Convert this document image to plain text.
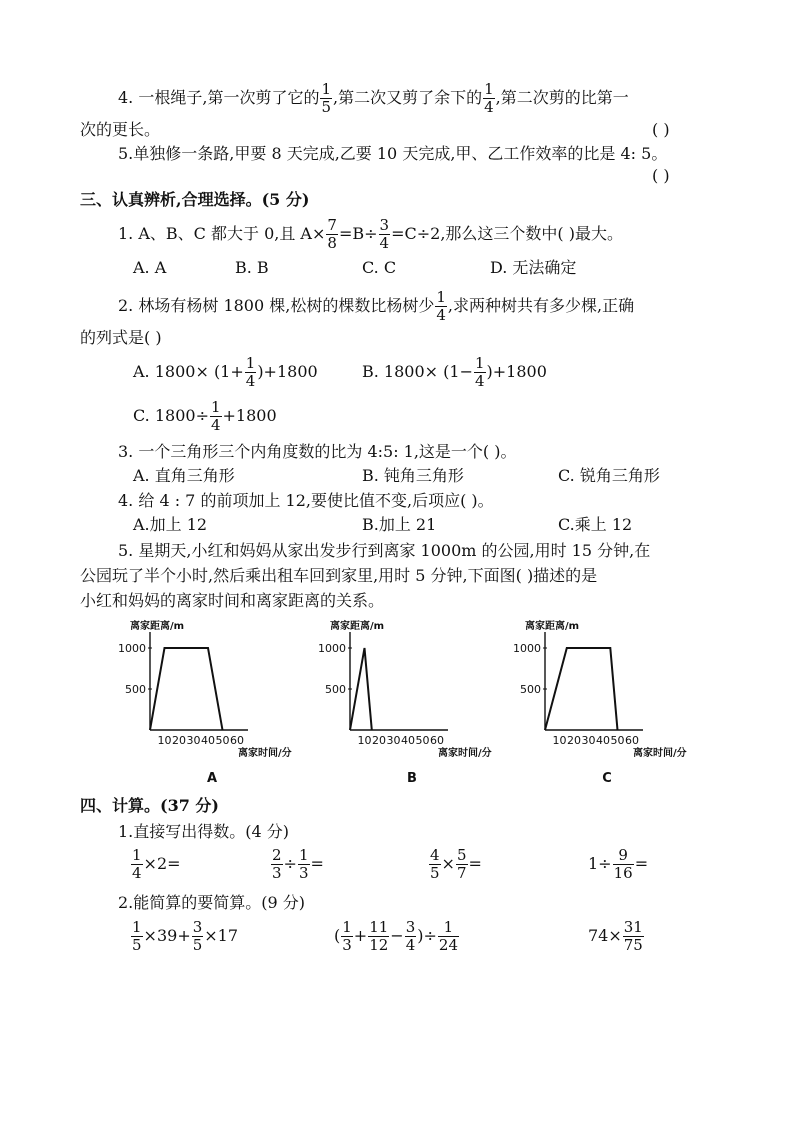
4. 一根绳子,第一次剪了它的 $\frac{1}{5}$ ,第二次又剪了余下的 $\frac{1}{4}$ ,第二次剪的比第一
次的更长。	( )
5.单独修一条路,甲要 8 天完成,乙要 10 天完成,甲、乙工作效率的比是 4: 5。
( )
三、认真辨析,合理选择。(5 分)
1. A、B、C 都大于 0,且 $A\times \frac{7}{8} =B\div \frac{3}{4} =C\div 2$,那么这三个数中( )最大。
A. A	B. B	C. C	D. 无法确定
2. 林场有杨树 1800 棵,松树的棵数比杨树少 $\frac{1}{4}$ ,求两种树共有多少棵,正确
的列式是( )
A. $1800\times (1+ \frac{1}{4} )+1800$	B. $1800\times (1- \frac{1}{4} )+1800$
C. $1800\div \frac{1}{4} +1800$
3. 一个三角形三个内角度数的比为 4:5: 1,这是一个( )。
A. 直角三角形	B. 钝角三角形	C. 锐角三角形
4. 给 4 : 7 的前项加上 12,要使比值不变,后项应( )。
A.加上 12	B.加上 21	C.乘上 12
5. 星期天,小红和妈妈从家出发步行到离家 1000m 的公园,用时 15 分钟,在
公园玩了半个小时,然后乘出租车回到家里,用时 5 分钟,下面图( )描述的是
小红和妈妈的离家时间和离家距离的关系。
离家距离/m
离家时间/分
1000
500
10 20 30 40 50 60
A
离家距离/m
离家时间/分
1000
500
10 20 30 40 50 60
B
离家距离/m
离家时间/分
1000
500
10 20 30 40 50 60
C
四、计算。(37 分)
1.直接写出得数。(4 分)
$\frac{1}{4} \times 2=$	$\frac{2}{3} \div \frac{1}{3}$ =	$\frac{4}{5} \times \frac{5}{7}$ =	$1\div \frac{9}{16}$ =
2.能简算的要简算。(9 分)
$\frac{1}{5} \times 39+ \frac{3}{5} \times 17$	( $\frac{1}{3} + \frac{11}{12} - \frac{3}{4}$ )÷ $\frac{1}{24}$	$74\times \frac{31}{75}$
